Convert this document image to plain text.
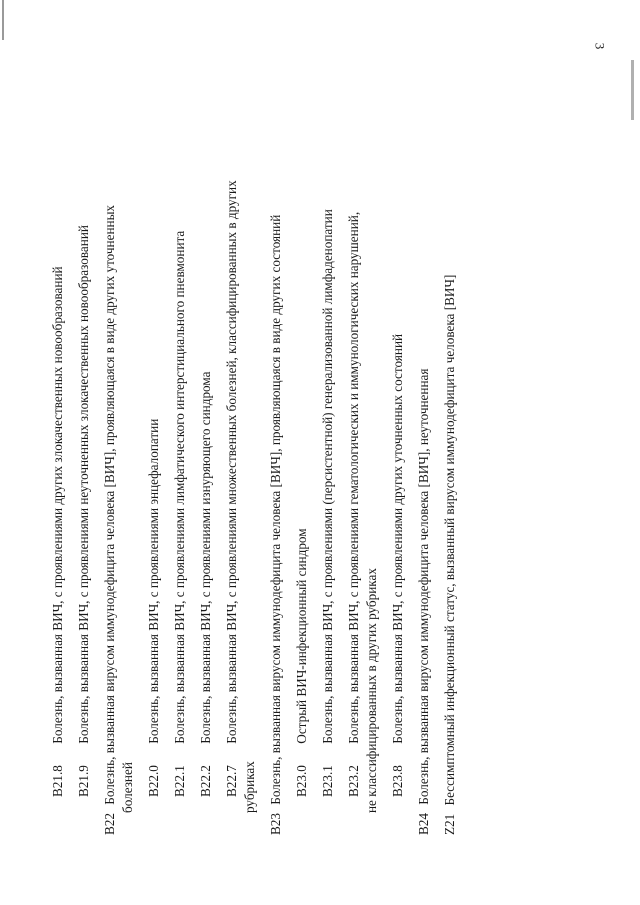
3
B21.8 Болезнь, вызванная ВИЧ, с проявлениями других злокачественных новообразований
B21.9 Болезнь, вызванная ВИЧ, с проявлениями неуточненных злокачественных новообразований
B22 Болезнь, вызванная вирусом иммунодефицита человека [ВИЧ], проявляющаяся в виде других уточненных болезней B22.0 Болезнь, вызванная ВИЧ, с проявлениями энцефалопатии
B22.1 Болезнь, вызванная ВИЧ, с проявлениями лимфатического интерстициального пневмонита
B22.2 Болезнь, вызванная ВИЧ, с проявлениями изнуряющего синдрома
B22.7 Болезнь, вызванная ВИЧ, с проявлениями множественных болезней, классифицированных в других
рубриках
B23 Болезнь, вызванная вирусом иммунодефицита человека [ВИЧ], проявляющаяся в виде других состояний B23.0 Острый ВИЧ-инфекционный синдром
B23.1 Болезнь, вызванная ВИЧ, с проявлениями (персистентной) генерализованной лимфаденопатии
B23.2 Болезнь, вызванная ВИЧ, с проявлениями гематологических и иммунологических нарушений, не классифицированных в других рубриках B23.8 Болезнь, вызванная ВИЧ, с проявлениями других уточненных состояний
B24 Болезнь, вызванная вирусом иммунодефицита человека [ВИЧ], неуточненная
Z21 Бессимптомный инфекционный статус, вызванный вирусом иммунодефицита человека [ВИЧ]
